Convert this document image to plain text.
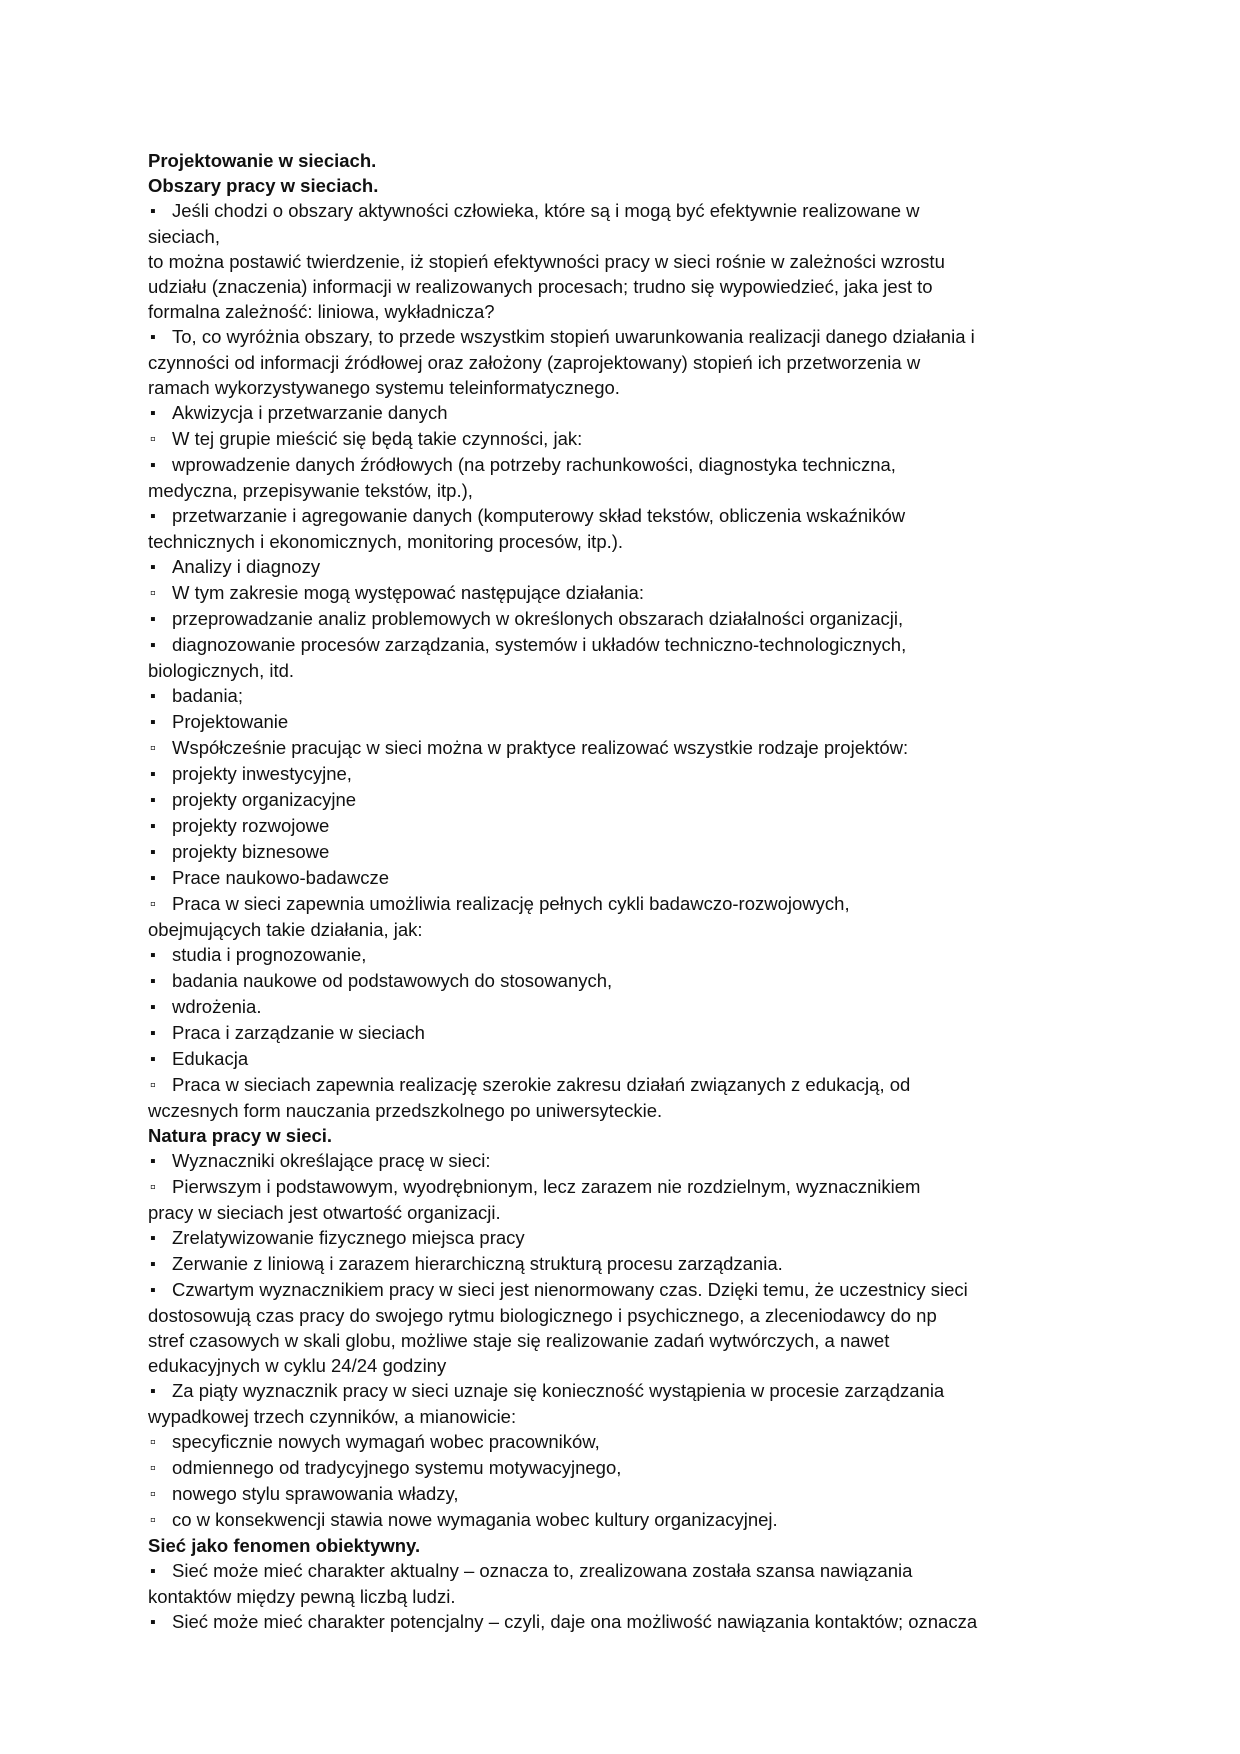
Projektowanie w sieciach.

Obszary pracy w sieciach.

▪ Jeśli chodzi o obszary aktywności człowieka, które są i mogą być efektywnie realizowane w

sieciach,

to można postawić twierdzenie, iż stopień efektywności pracy w sieci rośnie w zależności wzrostu

udziału (znaczenia) informacji w realizowanych procesach; trudno się wypowiedzieć, jaka jest to

formalna zależność: liniowa, wykładnicza?

▪ To, co wyróżnia obszary, to przede wszystkim stopień uwarunkowania realizacji danego działania i

czynności od informacji źródłowej oraz założony (zaprojektowany) stopień ich przetworzenia w

ramach wykorzystywanego systemu teleinformatycznego.

▪ Akwizycja i przetwarzanie danych

▫ W tej grupie mieścić się będą takie czynności, jak:

▪ wprowadzenie danych źródłowych (na potrzeby rachunkowości, diagnostyka techniczna,

medyczna, przepisywanie tekstów, itp.),

▪ przetwarzanie i agregowanie danych (komputerowy skład tekstów, obliczenia wskaźników

technicznych i ekonomicznych, monitoring procesów, itp.).

▪ Analizy i diagnozy

▫ W tym zakresie mogą występować następujące działania:

▪ przeprowadzanie analiz problemowych w określonych obszarach działalności organizacji,

▪ diagnozowanie procesów zarządzania, systemów i układów techniczno-technologicznych,

biologicznych, itd.

▪ badania;

▪ Projektowanie

▫ Współcześnie pracując w sieci można w praktyce realizować wszystkie rodzaje projektów:

▪ projekty inwestycyjne,

▪ projekty organizacyjne

▪ projekty rozwojowe

▪ projekty biznesowe

▪ Prace naukowo-badawcze

▫ Praca w sieci zapewnia umożliwia realizację pełnych cykli badawczo-rozwojowych,

obejmujących takie działania, jak:

▪ studia i prognozowanie,

▪ badania naukowe od podstawowych do stosowanych,

▪ wdrożenia.

▪ Praca i zarządzanie w sieciach

▪ Edukacja

▫ Praca w sieciach zapewnia realizację szerokie zakresu działań związanych z edukacją, od

wczesnych form nauczania przedszkolnego po uniwersyteckie.

Natura pracy w sieci.

▪ Wyznaczniki określające pracę w sieci:

▫ Pierwszym i podstawowym, wyodrębnionym, lecz zarazem nie rozdzielnym, wyznacznikiem

pracy w sieciach jest otwartość organizacji.

▪ Zrelatywizowanie fizycznego miejsca pracy

▪ Zerwanie z liniową i zarazem hierarchiczną strukturą procesu zarządzania.

▪ Czwartym wyznacznikiem pracy w sieci jest nienormowany czas. Dzięki temu, że uczestnicy sieci

dostosowują czas pracy do swojego rytmu biologicznego i psychicznego, a zleceniodawcy do np

stref czasowych w skali globu, możliwe staje się realizowanie zadań wytwórczych, a nawet

edukacyjnych w cyklu 24/24 godziny

▪ Za piąty wyznacznik pracy w sieci uznaje się konieczność wystąpienia w procesie zarządzania

wypadkowej trzech czynników, a mianowicie:

▫ specyficznie nowych wymagań wobec pracowników,

▫ odmiennego od tradycyjnego systemu motywacyjnego,

▫ nowego stylu sprawowania władzy,

▫ co w konsekwencji stawia nowe wymagania wobec kultury organizacyjnej.

Sieć jako fenomen obiektywny.

▪ Sieć może mieć charakter aktualny – oznacza to, zrealizowana została szansa nawiązania

kontaktów między pewną liczbą ludzi.

▪ Sieć może mieć charakter potencjalny – czyli, daje ona możliwość nawiązania kontaktów; oznacza
